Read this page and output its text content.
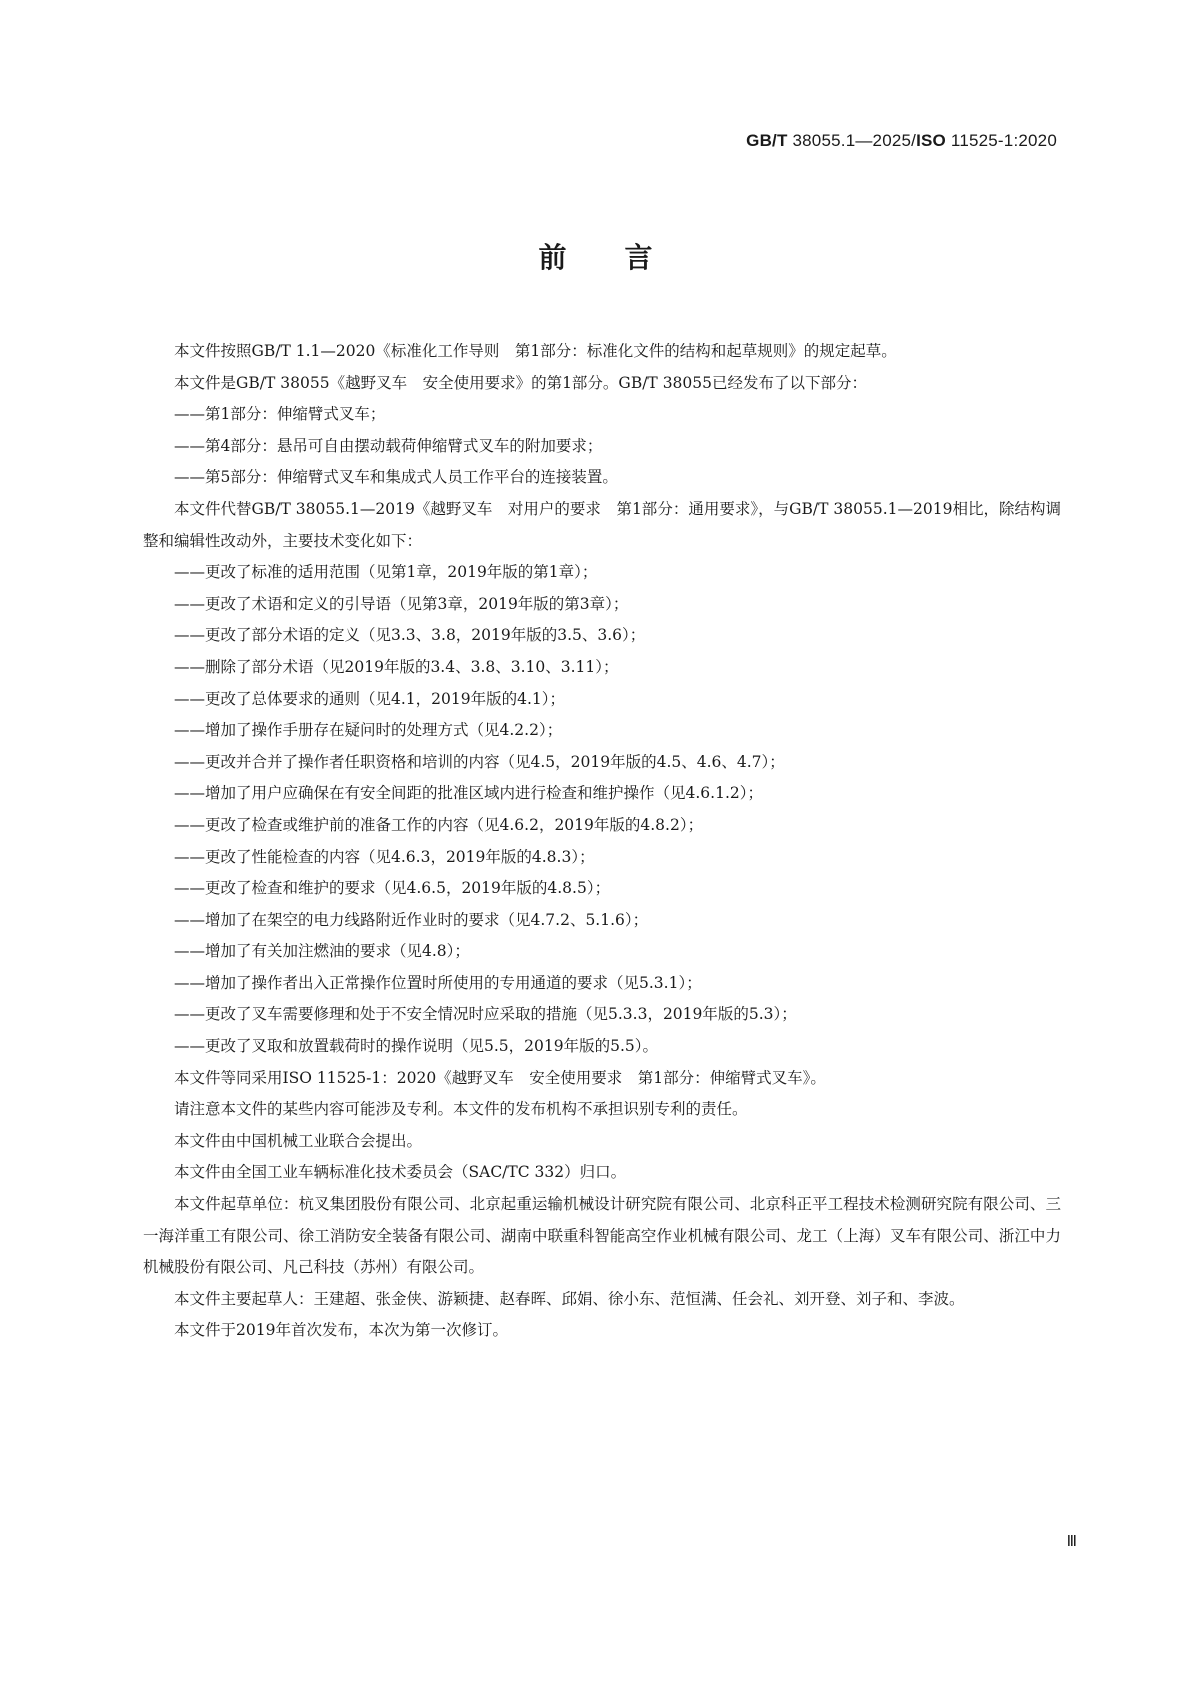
GB/T 38055.1—2025/ISO 11525-1:2020
前言

本文件按照GB/T 1.1—2020《标准化工作导则　第1部分：标准化文件的结构和起草规则》的规定起草。

本文件是GB/T 38055《越野叉车　安全使用要求》的第1部分。GB/T 38055已经发布了以下部分：

——第1部分：伸缩臂式叉车；

——第4部分：悬吊可自由摆动载荷伸缩臂式叉车的附加要求；

——第5部分：伸缩臂式叉车和集成式人员工作平台的连接装置。

本文件代替GB/T 38055.1—2019《越野叉车　对用户的要求　第1部分：通用要求》，与GB/T 38055.1—2019相比，除结构调整和编辑性改动外，主要技术变化如下：

——更改了标准的适用范围（见第1章，2019年版的第1章）；

——更改了术语和定义的引导语（见第3章，2019年版的第3章）；

——更改了部分术语的定义（见3.3、3.8，2019年版的3.5、3.6）；

——删除了部分术语（见2019年版的3.4、3.8、3.10、3.11）；

——更改了总体要求的通则（见4.1，2019年版的4.1）；

——增加了操作手册存在疑问时的处理方式（见4.2.2）；

——更改并合并了操作者任职资格和培训的内容（见4.5，2019年版的4.5、4.6、4.7）；

——增加了用户应确保在有安全间距的批准区域内进行检查和维护操作（见4.6.1.2）；

——更改了检查或维护前的准备工作的内容（见4.6.2，2019年版的4.8.2）；

——更改了性能检查的内容（见4.6.3，2019年版的4.8.3）；

——更改了检查和维护的要求（见4.6.5，2019年版的4.8.5）；

——增加了在架空的电力线路附近作业时的要求（见4.7.2、5.1.6）；

——增加了有关加注燃油的要求（见4.8）；

——增加了操作者出入正常操作位置时所使用的专用通道的要求（见5.3.1）；

——更改了叉车需要修理和处于不安全情况时应采取的措施（见5.3.3，2019年版的5.3）；

——更改了叉取和放置载荷时的操作说明（见5.5，2019年版的5.5）。

本文件等同采用ISO 11525-1：2020《越野叉车　安全使用要求　第1部分：伸缩臂式叉车》。

请注意本文件的某些内容可能涉及专利。本文件的发布机构不承担识别专利的责任。

本文件由中国机械工业联合会提出。

本文件由全国工业车辆标准化技术委员会（SAC/TC 332）归口。

本文件起草单位：杭叉集团股份有限公司、北京起重运输机械设计研究院有限公司、北京科正平工程技术检测研究院有限公司、三一海洋重工有限公司、徐工消防安全装备有限公司、湖南中联重科智能高空作业机械有限公司、龙工（上海）叉车有限公司、浙江中力机械股份有限公司、凡己科技（苏州）有限公司。

本文件主要起草人：王建超、张金侠、游颖捷、赵春晖、邱娟、徐小东、范恒满、任会礼、刘开登、刘子和、李波。

本文件于2019年首次发布，本次为第一次修订。

Ⅲ
